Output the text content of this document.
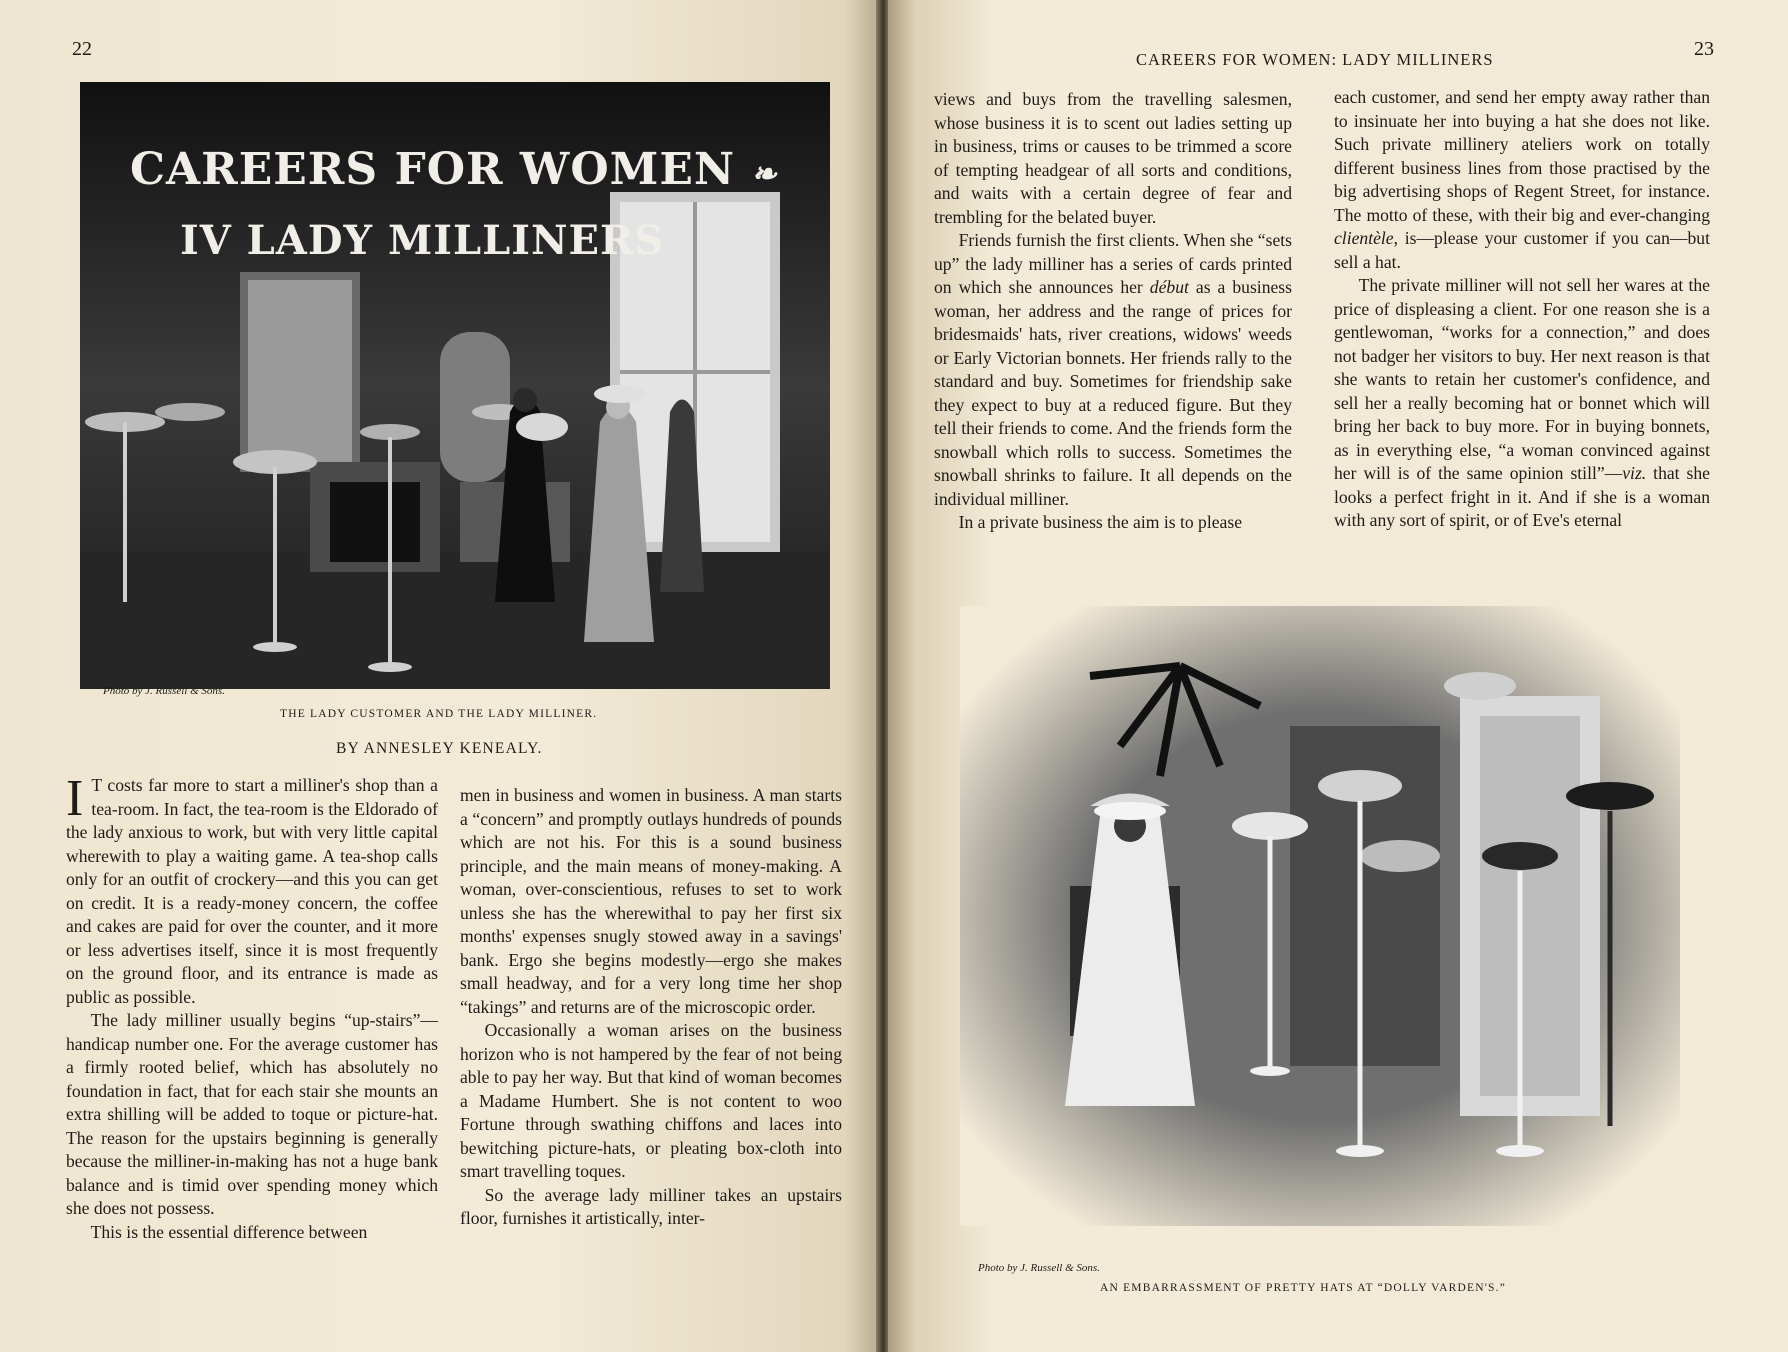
22
CAREERS FOR WOMEN ❧
IV LADY MILLINERS
Photo by J. Russell & Sons.
THE LADY CUSTOMER AND THE LADY MILLINER.
BY ANNESLEY KENEALY.

I T costs far more to start a milliner's shop than a tea-room. In fact, the tea-room is the Eldorado of the lady anxious to work, but with very little capital wherewith to play a waiting game. A tea-shop calls only for an outfit of crockery—and this you can get on credit. It is a ready-money concern, the coffee and cakes are paid for over the counter, and it more or less advertises itself, since it is most frequently on the ground floor, and its entrance is made as public as possible.

The lady milliner usually begins “up-stairs”—handicap number one. For the average customer has a firmly rooted belief, which has absolutely no foundation in fact, that for each stair she mounts an extra shilling will be added to toque or picture-hat. The reason for the upstairs beginning is generally because the milliner-in-making has not a huge bank balance and is timid over spending money which she does not possess.

This is the essential difference between

men in business and women in business. A man starts a “concern” and promptly outlays hundreds of pounds which are not his. For this is a sound business principle, and the main means of money-making. A woman, over-conscientious, refuses to set to work unless she has the wherewithal to pay her first six months' expenses snugly stowed away in a savings' bank. Ergo she begins modestly—ergo she makes small headway, and for a very long time her shop “takings” and returns are of the microscopic order.

Occasionally a woman arises on the business horizon who is not hampered by the fear of not being able to pay her way. But that kind of woman becomes a Madame Humbert. She is not content to woo Fortune through swathing chiffons and laces into bewitching picture-hats, or pleating box-cloth into smart travelling toques.

So the average lady milliner takes an upstairs floor, furnishes it artistically, inter-

CAREERS FOR WOMEN: LADY MILLINERS	23

views and buys from the travelling salesmen, whose business it is to scent out ladies setting up in business, trims or causes to be trimmed a score of tempting headgear of all sorts and conditions, and waits with a certain degree of fear and trembling for the belated buyer.

Friends furnish the first clients. When she “sets up” the lady milliner has a series of cards printed on which she announces her début as a business woman, her address and the range of prices for bridesmaids' hats, river creations, widows' weeds or Early Victorian bonnets. Her friends rally to the standard and buy. Sometimes for friendship sake they expect to buy at a reduced figure. But they tell their friends to come. And the friends form the snowball which rolls to success. Sometimes the snowball shrinks to failure. It all depends on the individual milliner.

In a private business the aim is to please

each customer, and send her empty away rather than to insinuate her into buying a hat she does not like. Such private millinery ateliers work on totally different business lines from those practised by the big advertising shops of Regent Street, for instance. The motto of these, with their big and ever-changing clientèle, is—please your customer if you can—but sell a hat.

The private milliner will not sell her wares at the price of displeasing a client. For one reason she is a gentlewoman, “works for a connection,” and does not badger her visitors to buy. Her next reason is that she wants to retain her customer's confidence, and sell her a really becoming hat or bonnet which will bring her back to buy more. For in buying bonnets, as in everything else, “a woman convinced against her will is of the same opinion still”—viz. that she looks a perfect fright in it. And if she is a woman with any sort of spirit, or of Eve's eternal

Photo by J. Russell & Sons.
AN EMBARRASSMENT OF PRETTY HATS AT “DOLLY VARDEN'S.”
